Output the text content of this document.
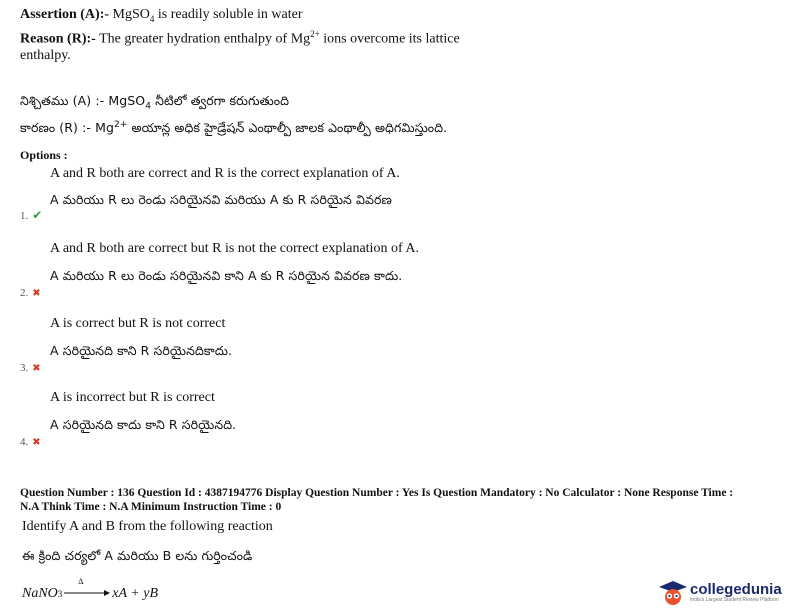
Assertion (A):- MgSO$_4$ is readily soluble in water
Reason (R):- The greater hydration enthalpy of $Mg^{2+}$ ions overcome its lattice
enthalpy.
నిశ్చితము (A) :- MgSO$_4$ నీటిలో త్వరగా కరుగుతుంది
కారణం (R) :- $Mg^{2+}$ అయాన్ల అధిక హైడ్రేషన్ ఎంథాల్పీ జాలక ఎంథాల్పీ అధిగమిస్తుంది.
Options :
A and R both are correct and R is the correct explanation of A.
A మరియు R లు రెండు సరియైనవి మరియు A కు R సరియైన వివరణ
1. ✔
A and R both are correct but R is not the correct explanation of A.
A మరియు R లు రెండు సరియైనవి కాని A కు R సరియైన వివరణ కాదు.
2. ✖
A is correct but R is not correct
A సరియైనది కాని R సరియైనదికాదు.
3. ✖
A is incorrect but R is correct
A సరియైనది కాదు కాని R సరియైనది.
4. ✖
Question Number : 136 Question Id : 4387194776 Display Question Number : Yes Is Question Mandatory : No Calculator : None Response Time :
N.A Think Time : N.A Minimum Instruction Time : 0
Identify A and B from the following reaction
ఈ క్రింది చర్యలో A మరియు B లను గుర్తించండి
NaNO 3
Δ
xA + yB	collegedunia
India's Largest Student Review Platform
